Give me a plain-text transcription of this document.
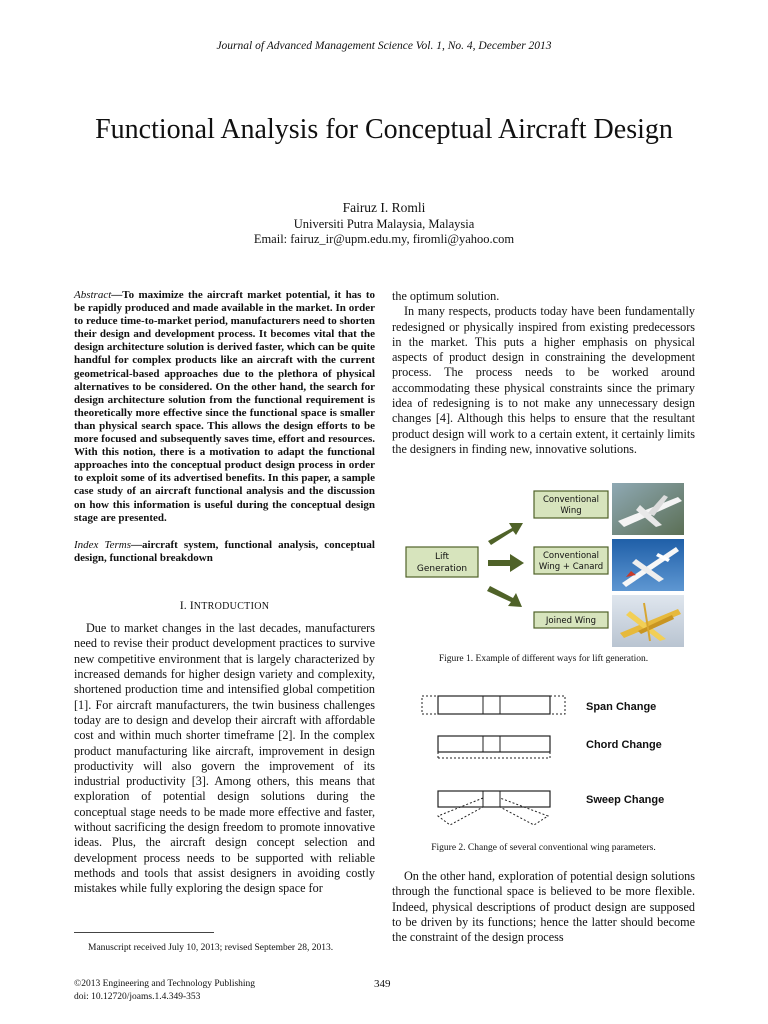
Journal of Advanced Management Science Vol. 1, No. 4, December 2013
Functional Analysis for Conceptual Aircraft Design
Fairuz I. Romli
Universiti Putra Malaysia, Malaysia
Email: fairuz_ir@upm.edu.my, firomli@yahoo.com

Abstract—To maximize the aircraft market potential, it has to be rapidly produced and made available in the market. In order to reduce time-to-market period, manufacturers need to shorten their design and development process. It becomes vital that the design architecture solution is derived faster, which can be quite handful for complex products like an aircraft with the current geometrical-based approaches due to the plethora of physical alternatives to be considered. On the other hand, the search for design architecture solution from the functional requirement is theoretically more effective since the functional space is smaller than physical search space. This allows the design efforts to be more focused and subsequently saves time, effort and resources. With this notion, there is a motivation to adapt the functional approaches into the conceptual product design process in order to exploit some of its advertised benefits. In this paper, a sample case study of an aircraft functional analysis and the discussion on how this information is useful during the conceptual design stage are presented.

Index Terms—aircraft system, functional analysis, conceptual design, functional breakdown

I. INTRODUCTION

Due to market changes in the last decades, manufacturers need to revise their product development practices to survive new competitive environment that is largely characterized by increased demands for higher design variety and complexity, shortened production time and intensified global competition [1]. For aircraft manufacturers, the twin business challenges today are to design and develop their aircraft with affordable cost and within much shorter timeframe [2]. In the complex product manufacturing like aircraft, improvement in design productivity will also govern the improvement of its industrial productivity [3]. Among others, this means that exploration of potential design solutions during the conceptual stage needs to be made more effective and faster, without sacrificing the design freedom to promote innovative ideas. Plus, the aircraft design concept selection and development process needs to be supported with reliable methods and tools that assist designers in avoiding costly mistakes while fully exploring the design space for

the optimum solution.

In many respects, products today have been fundamentally redesigned or physically inspired from existing predecessors in the market. This puts a higher emphasis on physical aspects of product design in constraining the development process. The process needs to be worked around accommodating these physical constraints since the primary idea of redesigning is to not make any unnecessary design changes [4]. Although this helps to ensure that the resultant product design will work to a certain extent, it certainly limits the designers in finding new, innovative solutions.

Lift
Generation
Conventional
Wing
Conventional
Wing + Canard
Joined Wing
Figure 1. Example of different ways for lift generation.
Span Change
Chord Change
Sweep Change
Figure 2. Change of several conventional wing parameters.

On the other hand, exploration of potential design solutions through the functional space is believed to be more flexible. Indeed, physical descriptions of product design are supposed to be driven by its functions; hence the latter should become the constraint of the design process

Manuscript received July 10, 2013; revised September 28, 2013.
©2013 Engineering and Technology Publishing
doi: 10.12720/joams.1.4.349-353
349
